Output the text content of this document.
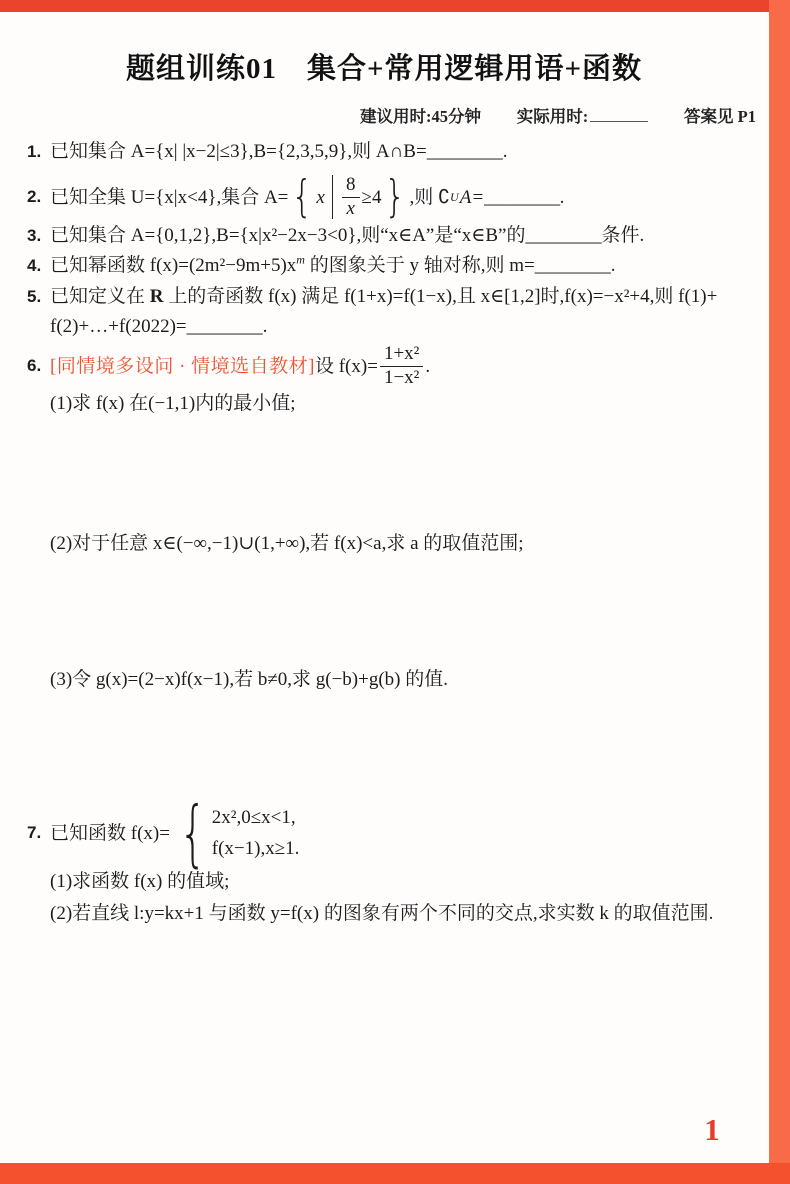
题组训练01　集合+常用逻辑用语+函数
建议用时:45分钟 实际用时:	答案见 P1
1. 已知集合 A={x| |x−2|≤3},B={2,3,5,9},则 A∩B=________.
2. 已知全集 U={x|x<4},集合 A= { x $\frac{8}{x} \ge 4$ } ,则 ∁ U A=________.
3. 已知集合 A={0,1,2},B={x|x²−2x−3<0},则“x∈A”是“x∈B”的________条件.
4. 已知幂函数 $f(x)=(2m^2-9m+5)x^m$ 的图象关于 y 轴对称,则 m=________.
5. 已知定义在 R 上的奇函数 f(x) 满足 f(1+x)=f(1−x),且 x∈[1,2]时,f(x)=−x²+4,则 f(1)+
f(2)+…+f(2022)=________.
6. [同情境多设问 · 情境选自教材] 设 $f(x)= \frac{\text{1+x²}}{\text{1−x²}}$ .
(1)求 f(x) 在(−1,1)内的最小值;
(2)对于任意 x∈(−∞,−1)∪(1,+∞),若 f(x)<a,求 a 的取值范围;
(3)令 g(x)=(2−x)f(x−1),若 b≠0,求 g(−b)+g(b) 的值.
7. 已知函数 f(x)= { 2x²,0≤x<1,
f(x−1),x≥1.
(1)求函数 f(x) 的值域;
(2)若直线 l:y=kx+1 与函数 y=f(x) 的图象有两个不同的交点,求实数 k 的取值范围.
1
